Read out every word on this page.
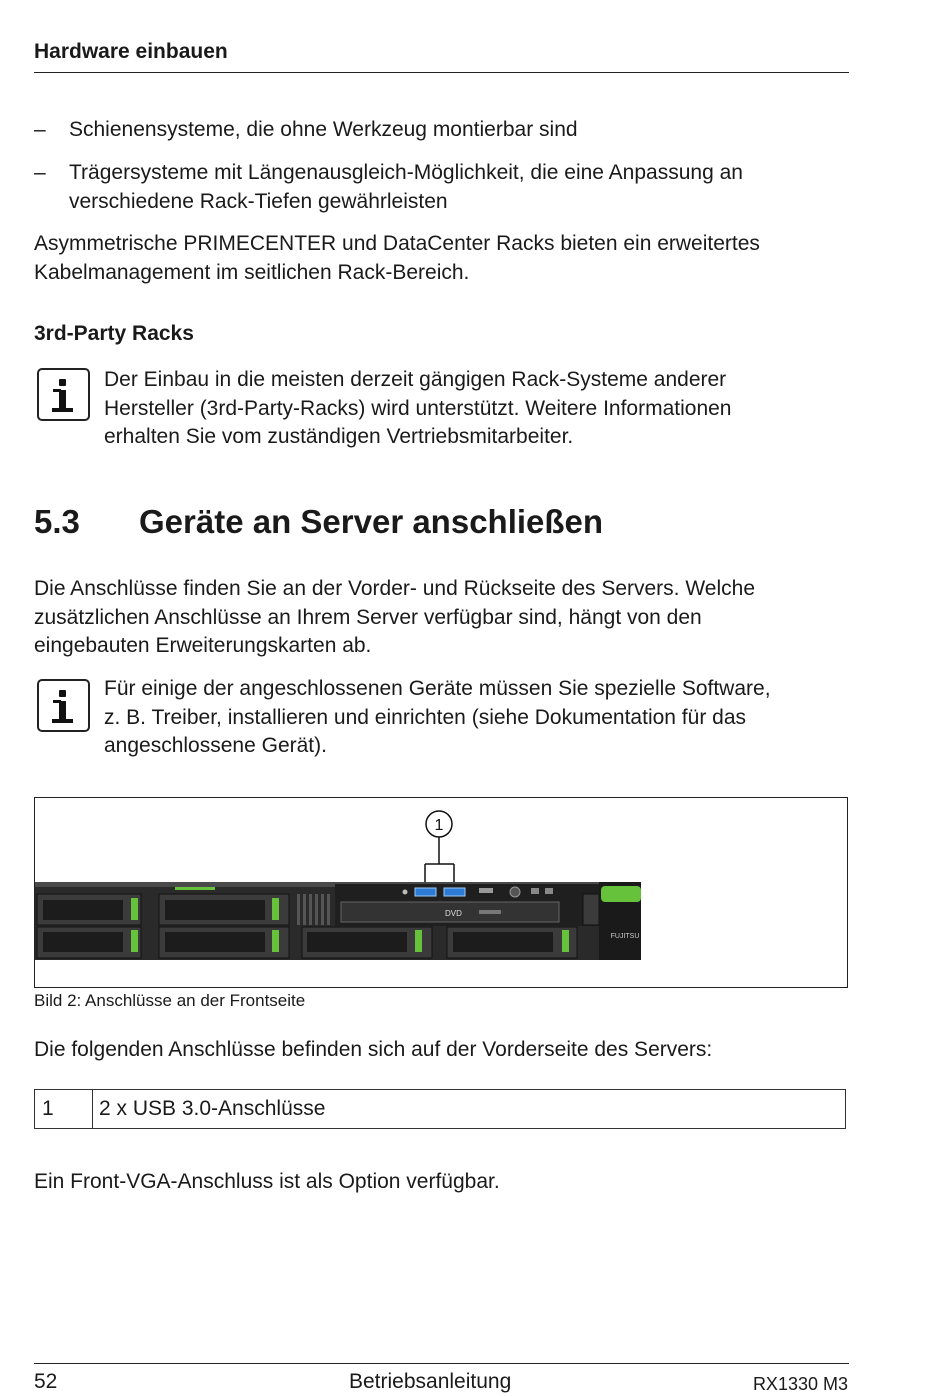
Hardware einbauen
– Schienensysteme, die ohne Werkzeug montierbar sind
– Trägersysteme mit Längenausgleich-Möglichkeit, die eine Anpassung an
verschiedene Rack-Tiefen gewährleisten
Asymmetrische PRIMECENTER und DataCenter Racks bieten ein erweitertes
Kabelmanagement im seitlichen Rack-Bereich.
3rd-Party Racks
Der Einbau in die meisten derzeit gängigen Rack-Systeme anderer
Hersteller (3rd-Party-Racks) wird unterstützt. Weitere Informationen
erhalten Sie vom zuständigen Vertriebsmitarbeiter.
5.3 Geräte an Server anschließen
Die Anschlüsse finden Sie an der Vorder- und Rückseite des Servers. Welche
zusätzlichen Anschlüsse an Ihrem Server verfügbar sind, hängt von den
eingebauten Erweiterungskarten ab.
Für einige der angeschlossenen Geräte müssen Sie spezielle Software,
z. B. Treiber, installieren und einrichten (siehe Dokumentation für das
angeschlossene Gerät).
1
DVD
FUJITSU
Bild 2: Anschlüsse an der Frontseite
Die folgenden Anschlüsse befinden sich auf der Vorderseite des Servers:
1	2 x USB 3.0-Anschlüsse
Ein Front-VGA-Anschluss ist als Option verfügbar.
52	Betriebsanleitung	RX1330 M3
